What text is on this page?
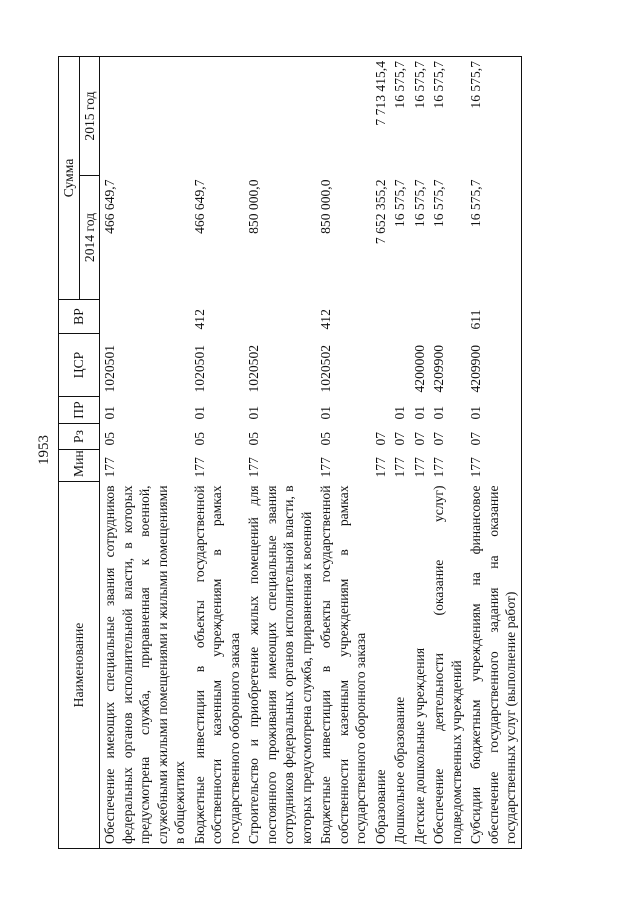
1953
Наименование	Мин	Рз	ПР	ЦСР	ВР	Сумма	
						2014 год	2015 год
Обеспечение имеющих специальные звания сотрудников федеральных органов исполнительной власти, в которых предусмотрена служба, приравненная к военной, служебными жилыми помещениями и жилыми помещениями в общежитиях	177	05	01	1020501		466 649,7	
Бюджетные инвестиции в объекты государственной собственности казенным учреждениям в рамках государственного оборонного заказа	177	05	01	1020501	412	466 649,7	
Строительство и приобретение жилых помещений для постоянного проживания имеющих специальные звания сотрудников федеральных органов исполнительной власти, в которых предусмотрена служба, приравненная к военной	177	05	01	1020502		850 000,0	
Бюджетные инвестиции в объекты государственной собственности казенным учреждениям в рамках государственного оборонного заказа	177	05	01	1020502	412	850 000,0	
Образование	177	07				7 652 355,2	7 713 415,4
Дошкольное образование	177	07	01			16 575,7	16 575,7
Детские дошкольные учреждения	177	07	01	4200000		16 575,7	16 575,7
Обеспечение деятельности (оказание услуг) подведомственных учреждений	177	07	01	4209900		16 575,7	16 575,7
Субсидии бюджетным учреждениям на финансовое обеспечение государственного задания на оказание государственных услуг (выполнение работ)	177	07	01	4209900	611	16 575,7	16 575,7
